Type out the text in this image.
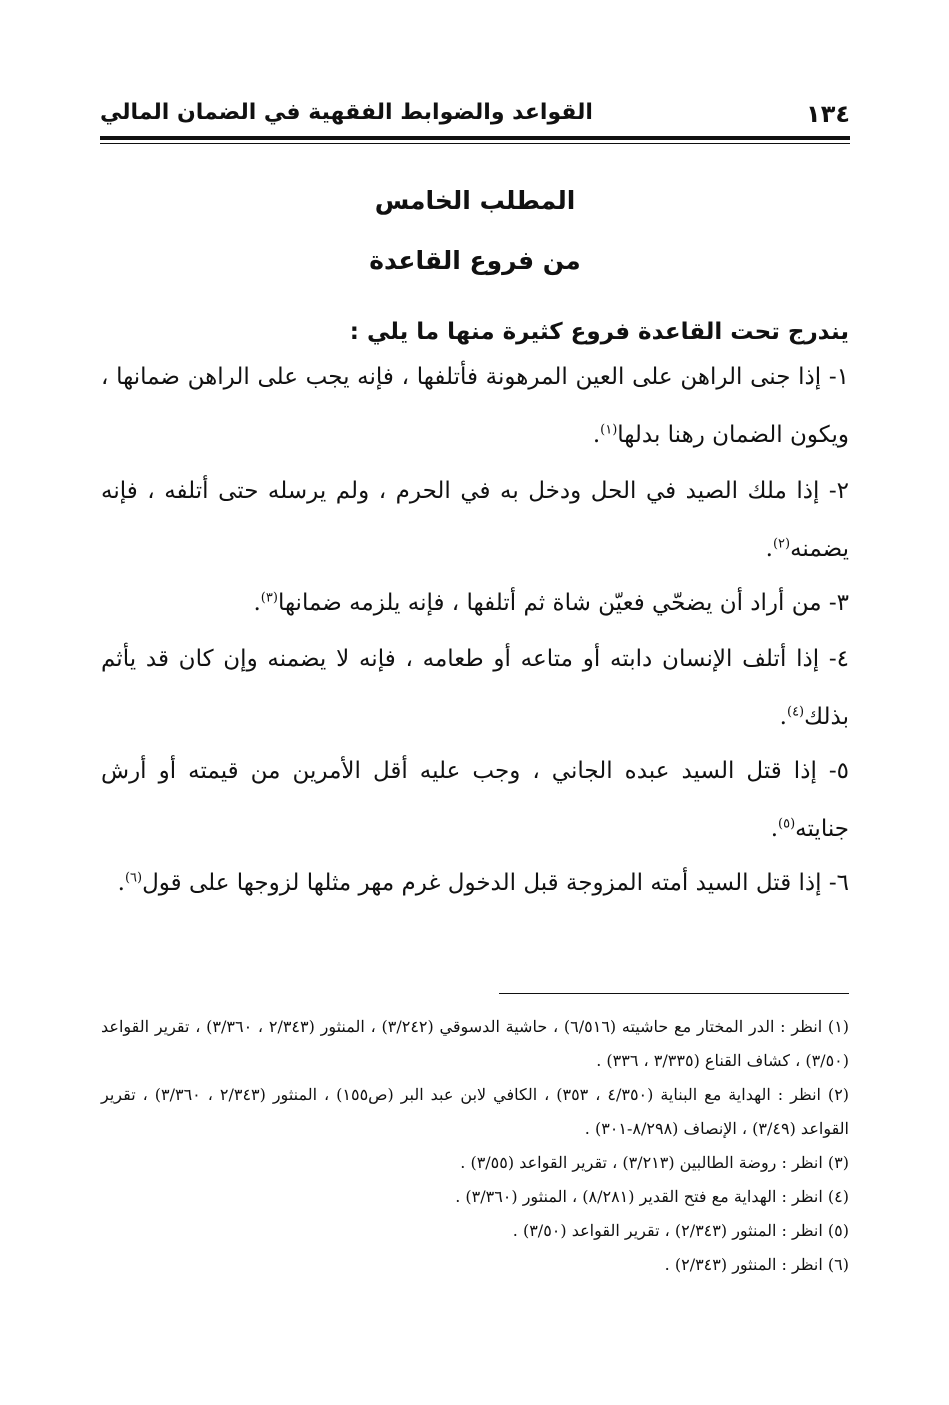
١٣٤
القواعد والضوابط الفقهية في الضمان المالي
المطلب الخامس
من فروع القاعدة
يندرج تحت القاعدة فروع كثيرة منها ما يلي :
١- إذا جنى الراهن على العين المرهونة فأتلفها ، فإنه يجب على الراهن ضمانها ، ويكون الضمان رهنا بدلها$^{(١)}$.
٢- إذا ملك الصيد في الحل ودخل به في الحرم ، ولم يرسله حتى أتلفه ، فإنه يضمنه$^{(٢)}$.
٣- من أراد أن يضحّي فعيّن شاة ثم أتلفها ، فإنه يلزمه ضمانها$^{(٣)}$.
٤- إذا أتلف الإنسان دابته أو متاعه أو طعامه ، فإنه لا يضمنه وإن كان قد يأثم بذلك$^{(٤)}$.
٥- إذا قتل السيد عبده الجاني ، وجب عليه أقل الأمرين من قيمته أو أرش جنايته$^{(٥)}$.
٦- إذا قتل السيد أمته المزوجة قبل الدخول غرم مهر مثلها لزوجها على قول$^{(٦)}$.

(١) انظر : الدر المختار مع حاشيته (٦/٥١٦) ، حاشية الدسوقي (٣/٢٤٢) ، المنثور (٢/٣٤٣ ، ٣/٣٦٠) ، تقرير القواعد (٣/٥٠) ، كشاف القناع (٣/٣٣٥ ، ٣٣٦) .

(٢) انظر : الهداية مع البناية (٤/٣٥٠ ، ٣٥٣) ، الكافي لابن عبد البر (ص١٥٥) ، المنثور (٢/٣٤٣ ، ٣/٣٦٠) ، تقرير القواعد (٣/٤٩) ، الإنصاف (٨/٢٩٨-٣٠١) .

(٣) انظر : روضة الطالبين (٣/٢١٣) ، تقرير القواعد (٣/٥٥) .

(٤) انظر : الهداية مع فتح القدير (٨/٢٨١) ، المنثور (٣/٣٦٠) .

(٥) انظر : المنثور (٢/٣٤٣) ، تقرير القواعد (٣/٥٠) .

(٦) انظر : المنثور (٢/٣٤٣) .
